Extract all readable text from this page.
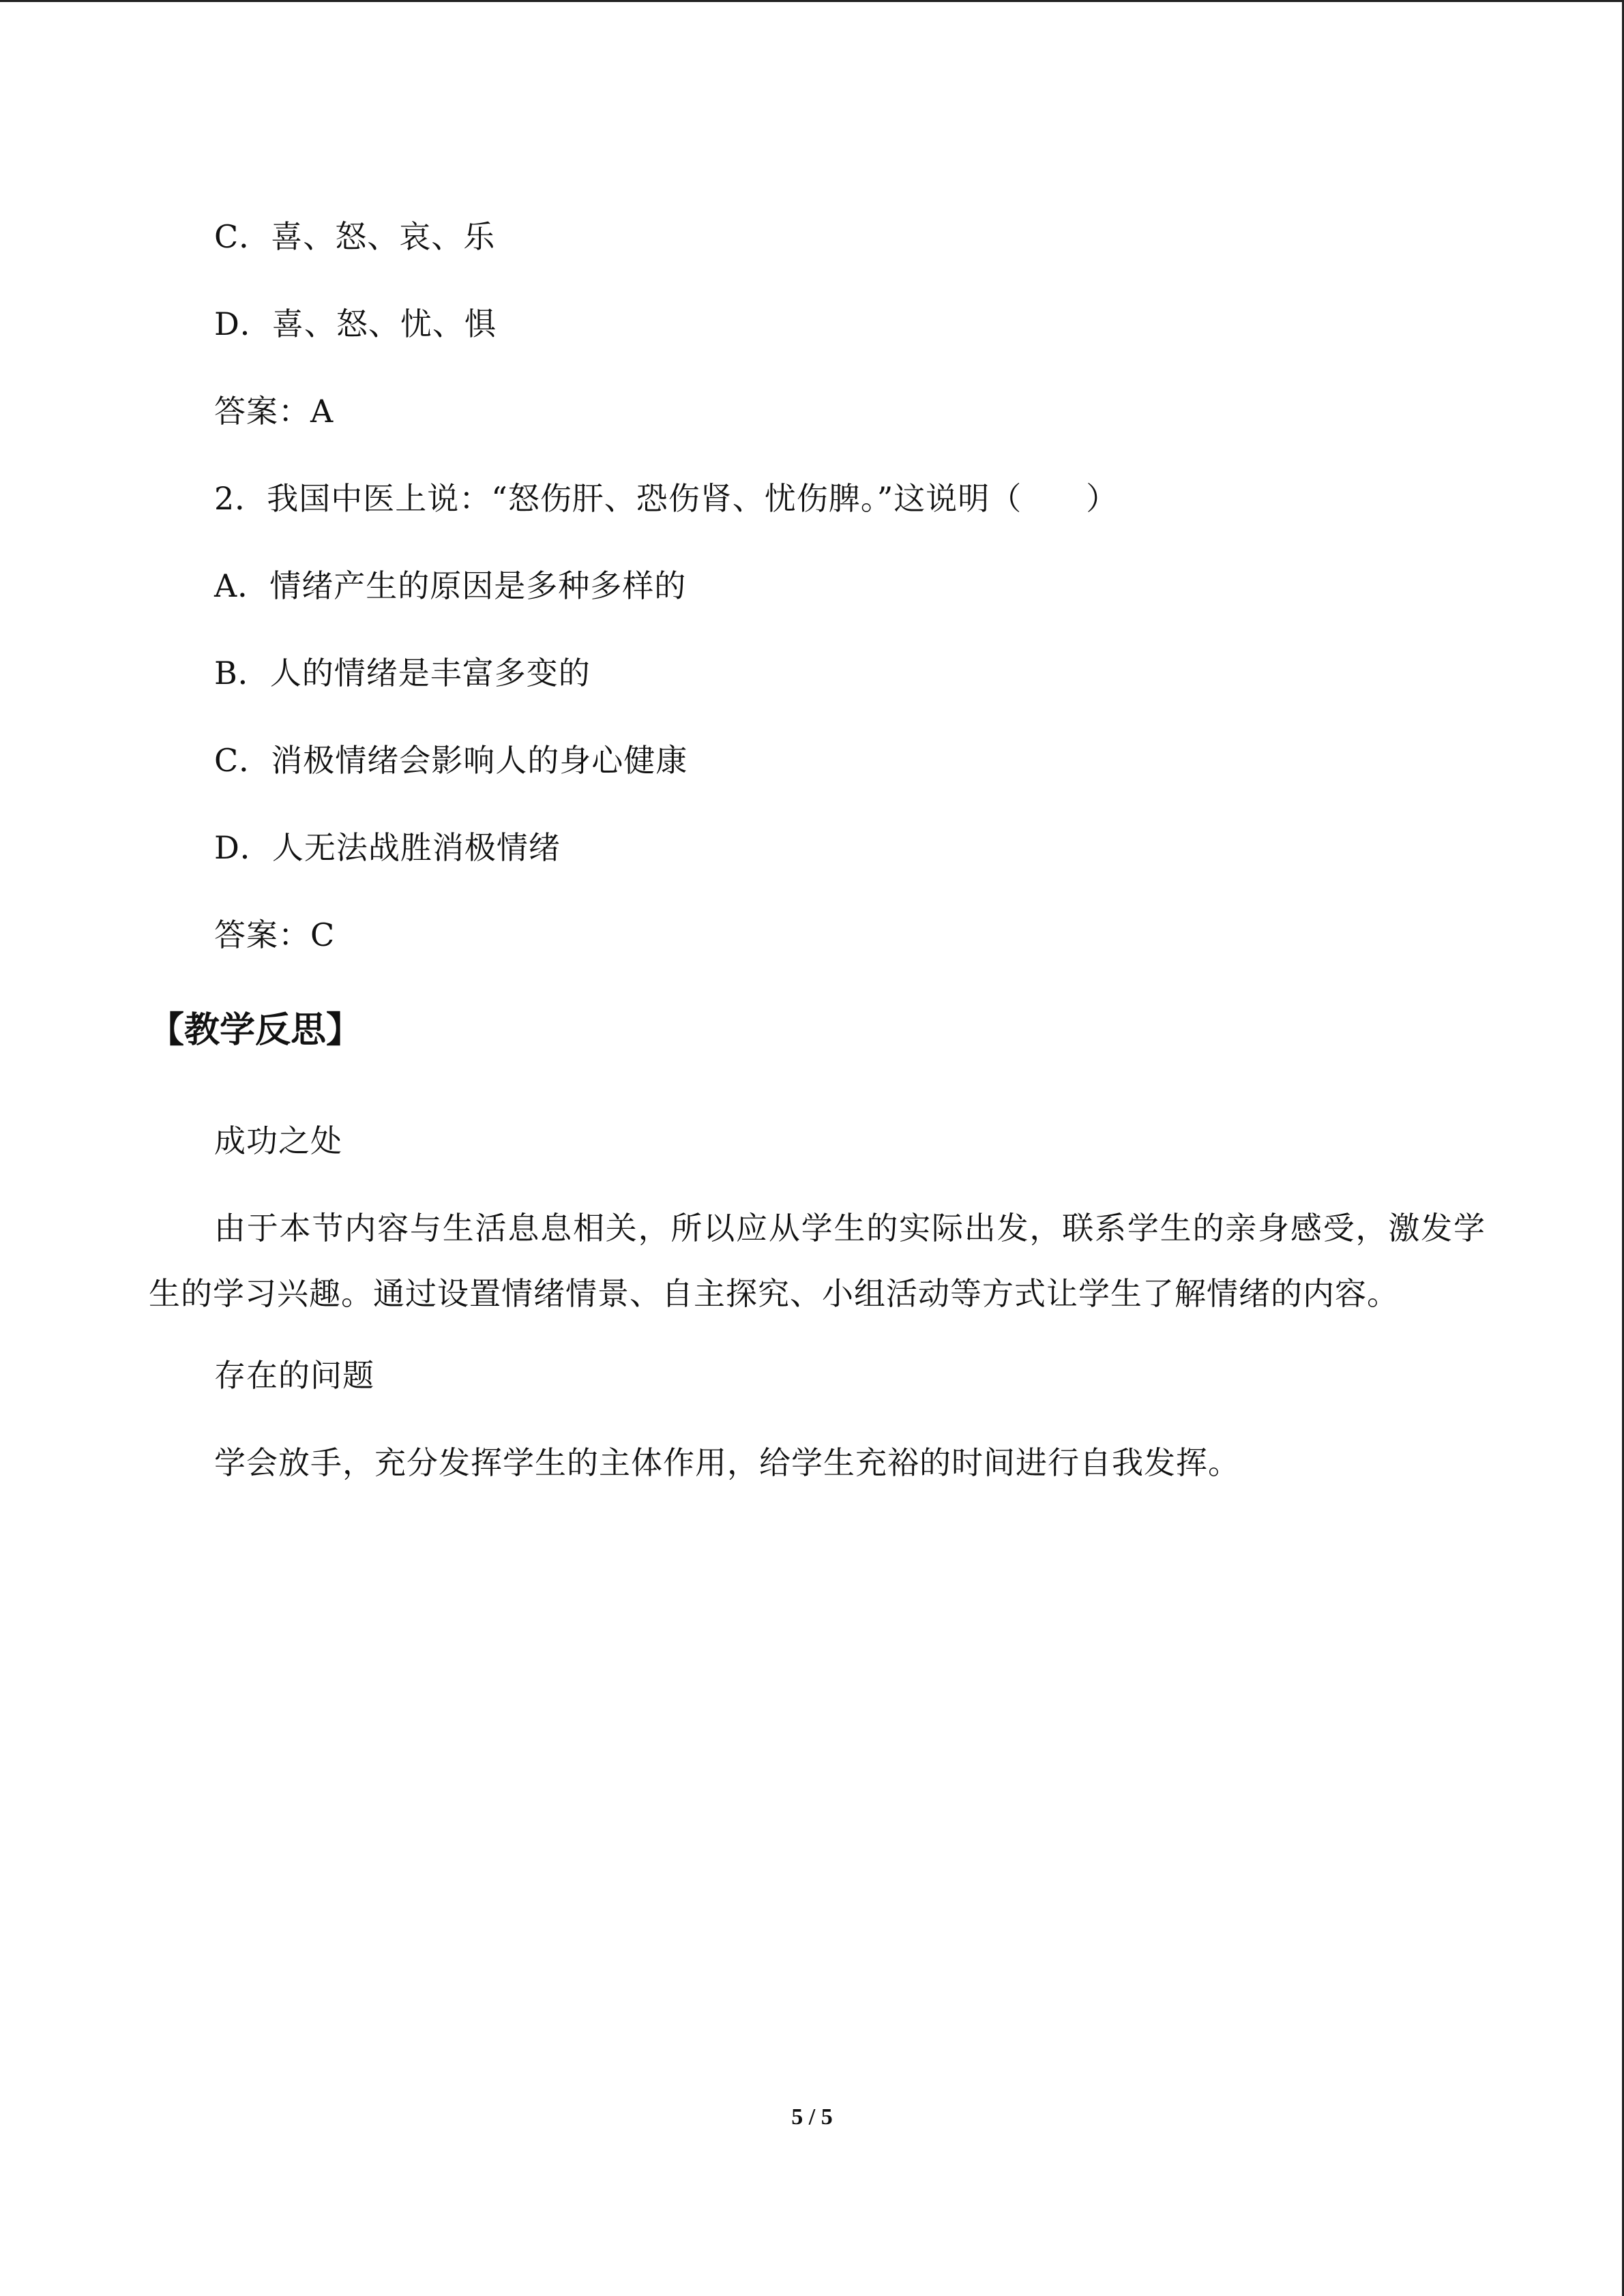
C．喜、怒、哀、乐
D．喜、怒、忧、惧
答案：A
2．我国中医上说：“怒伤肝、恐伤肾、忧伤脾。”这说明（　　）
A．情绪产生的原因是多种多样的
B．人的情绪是丰富多变的
C．消极情绪会影响人的身心健康
D．人无法战胜消极情绪
答案：C
【教学反思】
成功之处
由于本节内容与生活息息相关，所以应从学生的实际出发，联系学生的亲身感受，激发学生的学习兴趣。通过设置情绪情景、自主探究、小组活动等方式让学生了解情绪的内容。
存在的问题
学会放手，充分发挥学生的主体作用，给学生充裕的时间进行自我发挥。
5 / 5
